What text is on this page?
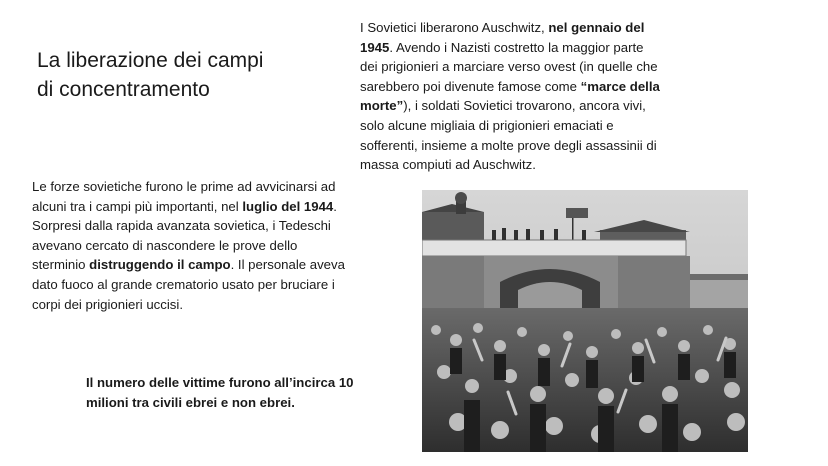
La liberazione dei campi di concentramento

I Sovietici liberarono Auschwitz, nel gennaio del 1945. Avendo i Nazisti costretto la maggior parte dei prigionieri a marciare verso ovest (in quelle che sarebbero poi divenute famose come “marce della morte”), i soldati Sovietici trovarono, ancora vivi, solo alcune migliaia di prigionieri emaciati e sofferenti, insieme a molte prove degli assassinii di massa compiuti ad Auschwitz.

Le forze sovietiche furono le prime ad avvicinarsi ad alcuni tra i campi più importanti, nel luglio del 1944. Sorpresi dalla rapida avanzata sovietica, i Tedeschi avevano cercato di nascondere le prove dello sterminio distruggendo il campo. Il personale aveva dato fuoco al grande crematorio usato per bruciare i corpi dei prigionieri uccisi.

Il numero delle vittime furono all’incirca 10 milioni tra civili ebrei e non ebrei.
